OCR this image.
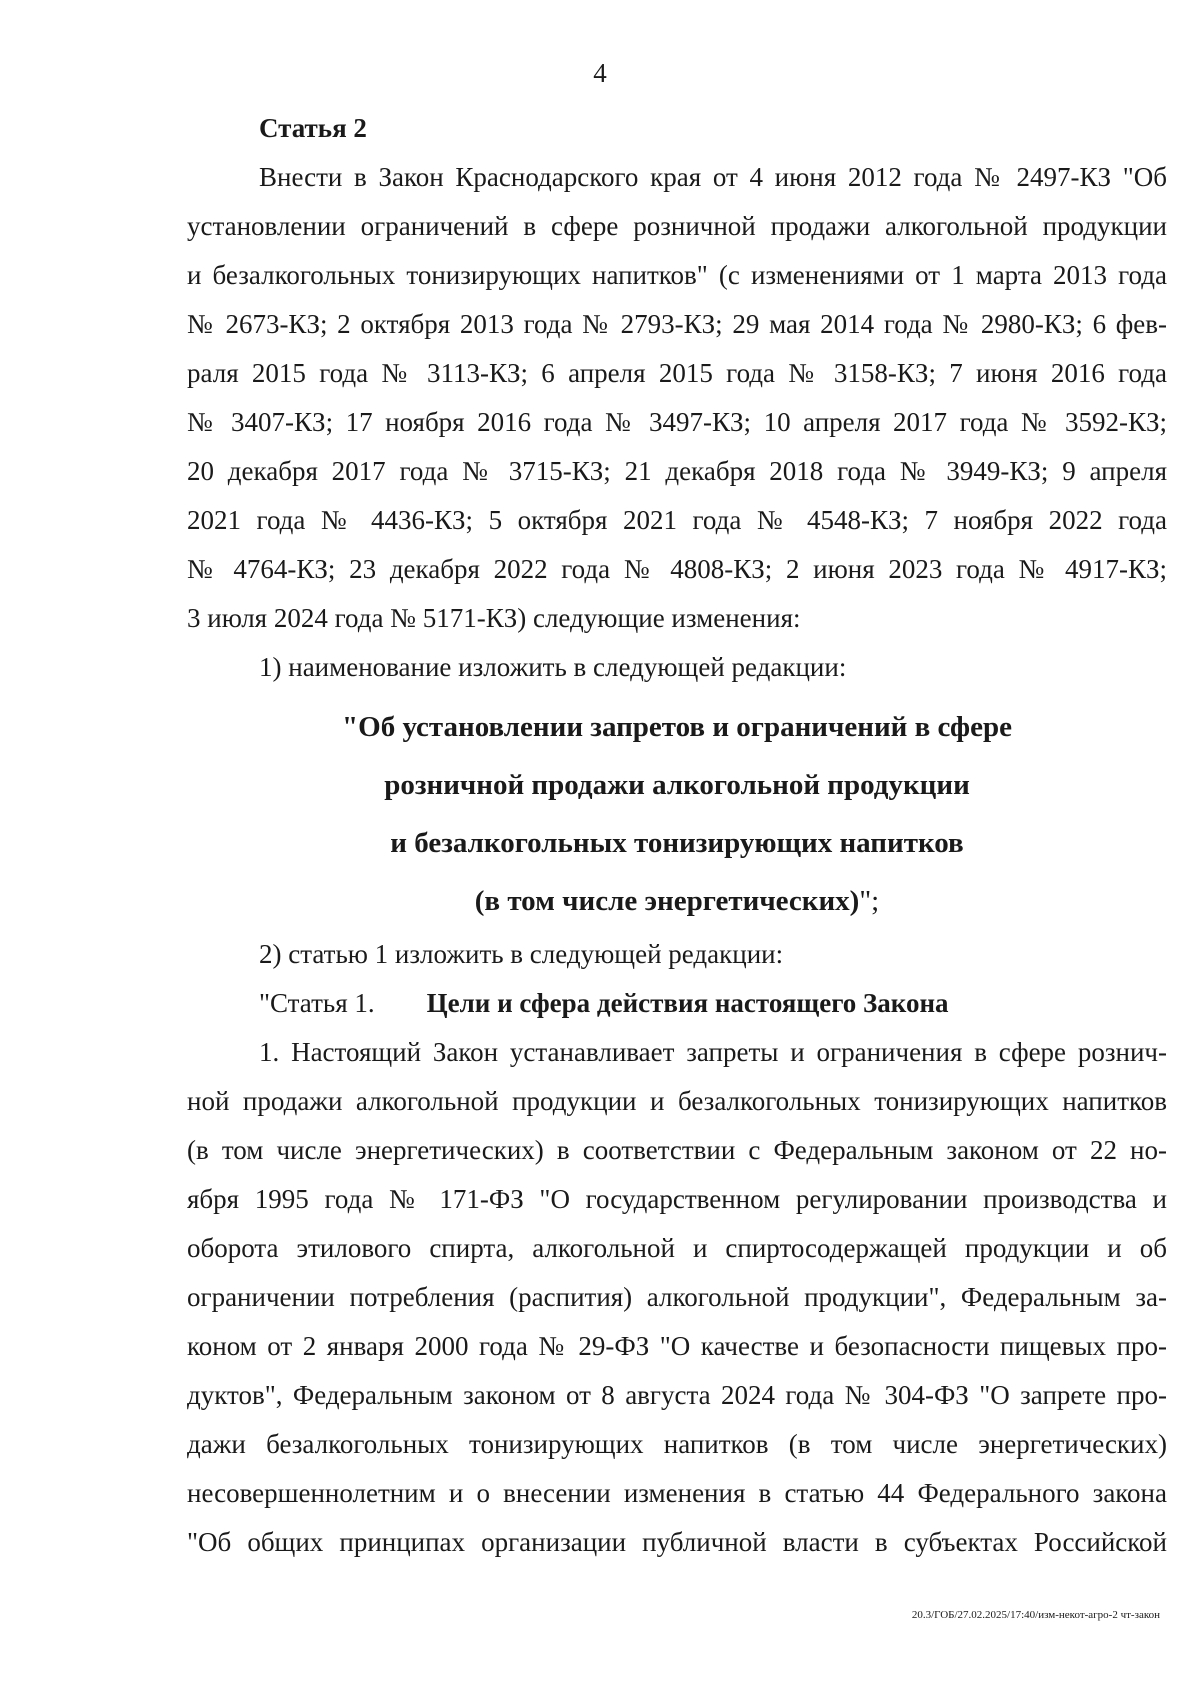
4
Статья 2
Внести в Закон Краснодарского края от 4 июня 2012 года № 2497-КЗ "Об
установлении ограничений в сфере розничной продажи алкогольной продукции
и безалкогольных тонизирующих напитков" (с изменениями от 1 марта 2013 года
№ 2673-КЗ; 2 октября 2013 года № 2793-КЗ; 29 мая 2014 года № 2980-КЗ; 6 фев-
раля 2015 года № 3113-КЗ; 6 апреля 2015 года № 3158-КЗ; 7 июня 2016 года
№ 3407-КЗ; 17 ноября 2016 года № 3497-КЗ; 10 апреля 2017 года № 3592-КЗ;
20 декабря 2017 года № 3715-КЗ; 21 декабря 2018 года № 3949-КЗ; 9 апреля
2021 года № 4436-КЗ; 5 октября 2021 года № 4548-КЗ; 7 ноября 2022 года
№ 4764-КЗ; 23 декабря 2022 года № 4808-КЗ; 2 июня 2023 года № 4917-КЗ;
3 июля 2024 года № 5171-КЗ) следующие изменения:
1) наименование изложить в следующей редакции:
"Об установлении запретов и ограничений в сфере
розничной продажи алкогольной продукции
и безалкогольных тонизирующих напитков
(в том числе энергетических)";
2) статью 1 изложить в следующей редакции:
"Статья 1. Цели и сфера действия настоящего Закона
1. Настоящий Закон устанавливает запреты и ограничения в сфере рознич-
ной продажи алкогольной продукции и безалкогольных тонизирующих напитков
(в том числе энергетических) в соответствии с Федеральным законом от 22 но-
ября 1995 года № 171-ФЗ "О государственном регулировании производства и
оборота этилового спирта, алкогольной и спиртосодержащей продукции и об
ограничении потребления (распития) алкогольной продукции", Федеральным за-
коном от 2 января 2000 года № 29-ФЗ "О качестве и безопасности пищевых про-
дуктов", Федеральным законом от 8 августа 2024 года № 304-ФЗ "О запрете про-
дажи безалкогольных тонизирующих напитков (в том числе энергетических)
несовершеннолетним и о внесении изменения в статью 44 Федерального закона
"Об общих принципах организации публичной власти в субъектах Российской
20.3/ГОБ/27.02.2025/17:40/изм-некот-агро-2 чт-закон
